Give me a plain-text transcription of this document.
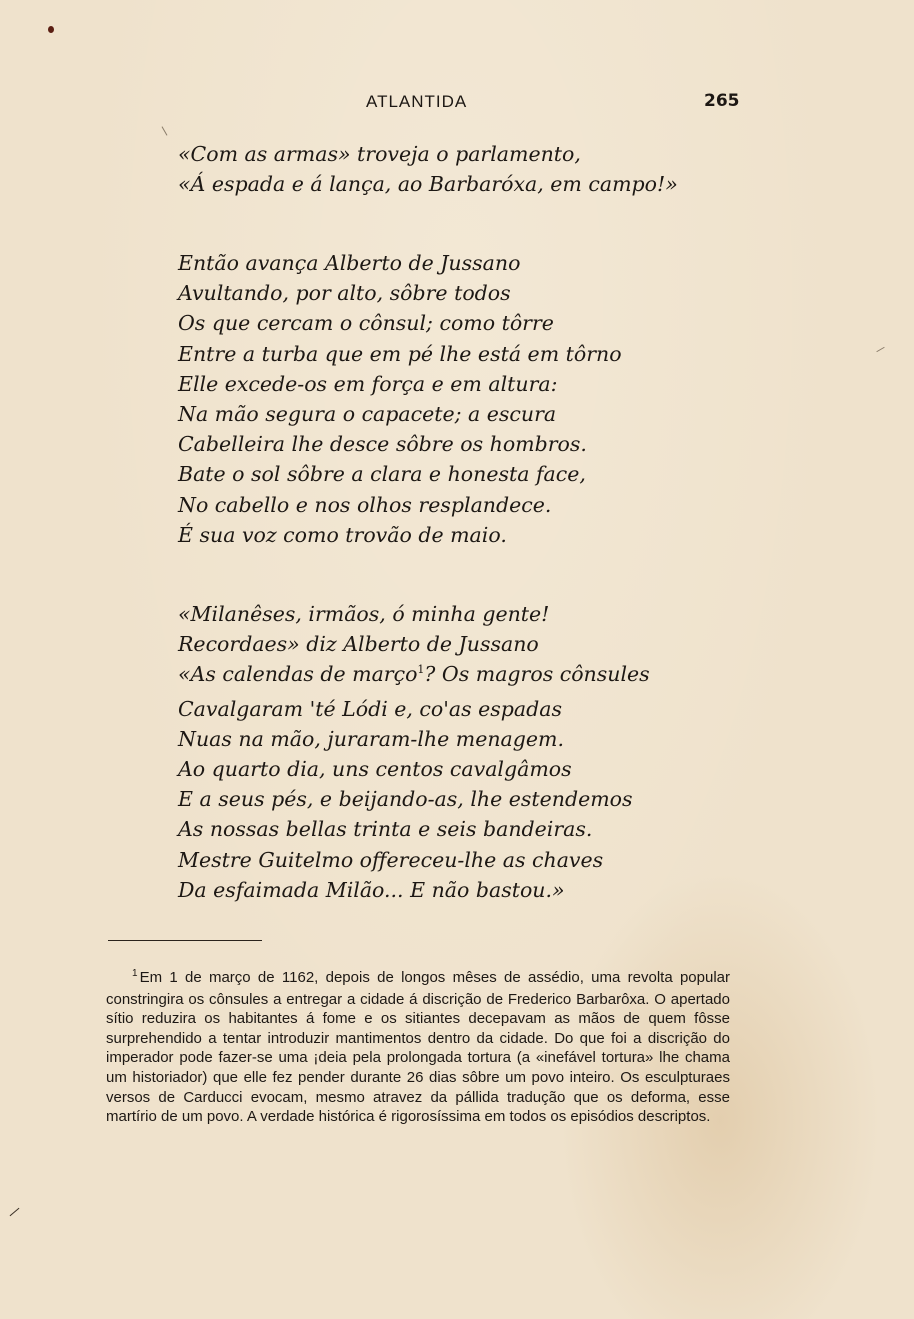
ATLANTIDA	265
«Com as armas» troveja o parlamento,
«Á espada e á lança, ao Barbaróxa, em campo!»
Então avança Alberto de Jussano
Avultando, por alto, sôbre todos
Os que cercam o cônsul; como tôrre
Entre a turba que em pé lhe está em tôrno
Elle excede-os em força e em altura:
Na mão segura o capacete; a escura
Cabelleira lhe desce sôbre os hombros.
Bate o sol sôbre a clara e honesta face,
No cabello e nos olhos resplandece.
É sua voz como trovão de maio.
«Milanêses, irmãos, ó minha gente!
Recordaes» diz Alberto de Jussano
«As calendas de março$^1$? Os magros cônsules
Cavalgaram 'té Lódi e, co'as espadas
Nuas na mão, juraram-lhe menagem.
Ao quarto dia, uns centos cavalgâmos
E a seus pés, e beijando-as, lhe estendemos
As nossas bellas trinta e seis bandeiras.
Mestre Guitelmo offereceu-lhe as chaves
Da esfaimada Milão... E não bastou.»
$^1$ Em 1 de março de 1162, depois de longos mêses de assédio, uma revolta popular constringira os cônsules a entregar a cidade á discrição de Frederico Barbarôxa. O apertado sítio reduzira os habitantes á fome e os sitiantes decepavam as mãos de quem fôsse surprehendido a tentar introduzir mantimentos dentro da cidade. Do que foi a discrição do imperador pode fazer-se uma ¡deia pela prolongada tortura (a «inefável tortura» lhe chama um historiador) que elle fez pender durante 26 dias sôbre um povo inteiro. Os esculpturaes versos de Carducci evocam, mesmo atravez da pállida tradução que os deforma, esse martírio de um povo. A verdade histórica é rigorosíssima em todos os episódios descriptos.
